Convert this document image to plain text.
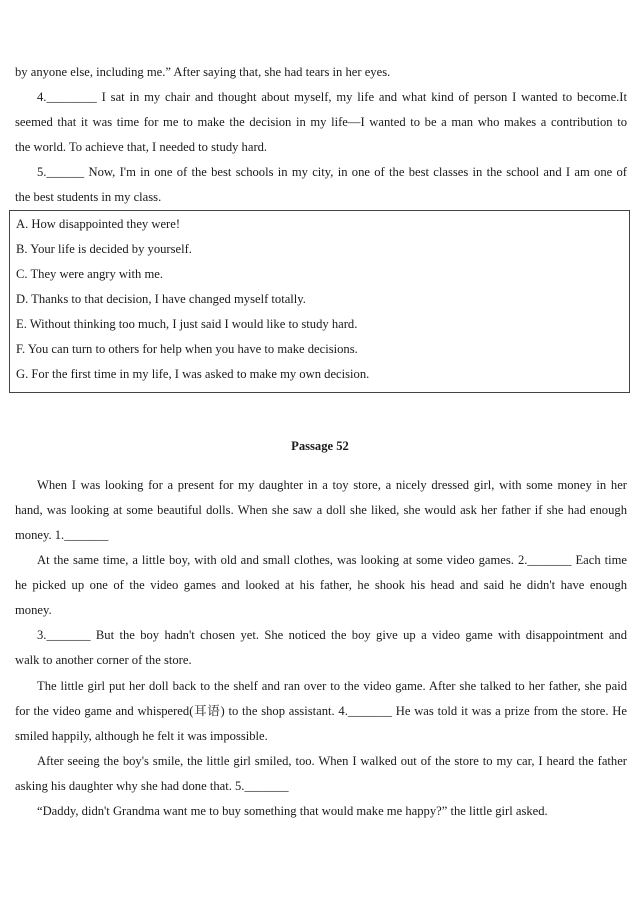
by anyone else, including me.” After saying that, she had tears in her eyes.
4.________ I sat in my chair and thought about myself, my life and what kind of person I wanted to become.It
seemed that it was time for me to make the decision in my life—I wanted to be a man who makes a contribution to
the world. To achieve that, I needed to study hard.
5.______ Now, I'm in one of the best schools in my city, in one of the best classes in the school and I am one of
the best students in my class.
A. How disappointed they were!
B. Your life is decided by yourself.
C. They were angry with me.
D. Thanks to that decision, I have changed myself totally.
E. Without thinking too much, I just said I would like to study hard.
F. You can turn to others for help when you have to make decisions.
G. For the first time in my life, I was asked to make my own decision.
Passage 52
When I was looking for a present for my daughter in a toy store, a nicely dressed girl, with some money in her
hand, was looking at some beautiful dolls. When she saw a doll she liked, she would ask her father if she had enough
money. 1._______
At the same time, a little boy, with old and small clothes, was looking at some video games. 2._______ Each time
he picked up one of the video games and looked at his father, he shook his head and said he didn't have enough
money.
3._______ But the boy hadn't chosen yet. She noticed the boy give up a video game with disappointment and
walk to another corner of the store.
The little girl put her doll back to the shelf and ran over to the video game. After she talked to her father, she paid
for the video game and whispered(耳语) to the shop assistant. 4._______ He was told it was a prize from the store. He
smiled happily, although he felt it was impossible.
After seeing the boy's smile, the little girl smiled, too. When I walked out of the store to my car, I heard the father
asking his daughter why she had done that. 5._______
“Daddy, didn't Grandma want me to buy something that would make me happy?” the little girl asked.
